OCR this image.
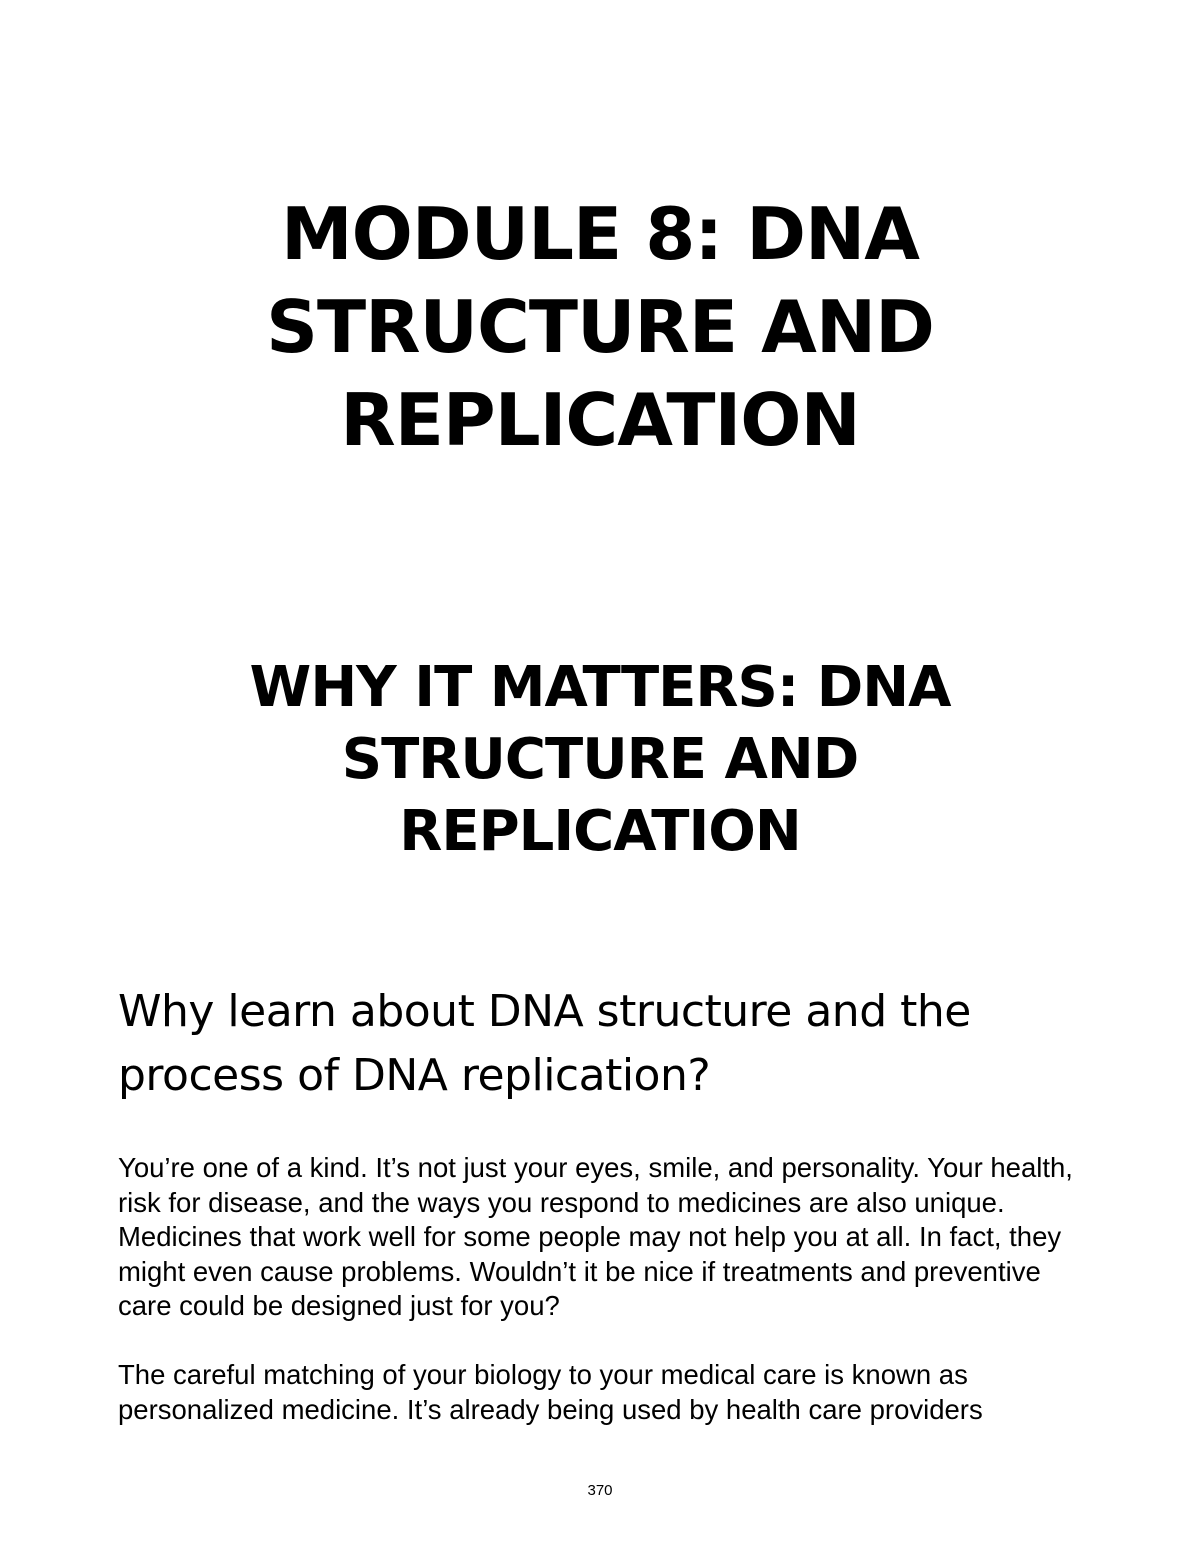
MODULE 8: DNA STRUCTURE AND REPLICATION
WHY IT MATTERS: DNA STRUCTURE AND REPLICATION
Why learn about DNA structure and the process of DNA replication?

You’re one of a kind. It’s not just your eyes, smile, and personality. Your health, risk for disease, and the ways you respond to medicines are also unique. Medicines that work well for some people may not help you at all. In fact, they might even cause problems. Wouldn’t it be nice if treatments and preventive care could be designed just for you?

The careful matching of your biology to your medical care is known as personalized medicine. It’s already being used by health care providers

370
